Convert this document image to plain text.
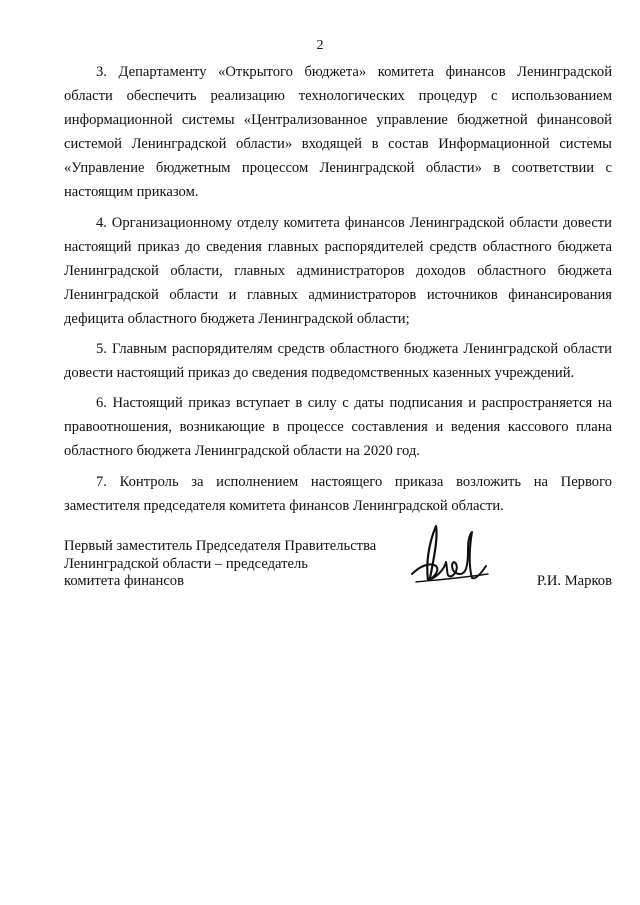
2

3. Департаменту «Открытого бюджета» комитета финансов Ленинградской области обеспечить реализацию технологических процедур с использованием информационной системы «Централизованное управление бюджетной финансовой системой Ленинградской области» входящей в состав Информационной системы «Управление бюджетным процессом Ленинградской области» в соответствии с настоящим приказом.

4. Организационному отделу комитета финансов Ленинградской области довести настоящий приказ до сведения главных распорядителей средств областного бюджета Ленинградской области, главных администраторов доходов областного бюджета Ленинградской области и главных администраторов источников финансирования дефицита областного бюджета Ленинградской области;

5. Главным распорядителям средств областного бюджета Ленинградской области довести настоящий приказ до сведения подведомственных казенных учреждений.

6. Настоящий приказ вступает в силу с даты подписания и распространяется на правоотношения, возникающие в процессе составления и ведения кассового плана областного бюджета Ленинградской области на 2020 год.

7. Контроль за исполнением настоящего приказа возложить на Первого заместителя председателя комитета финансов Ленинградской области.

Первый заместитель Председателя Правительства
Ленинградской области – председатель
комитета финансов	Р.И. Марков
